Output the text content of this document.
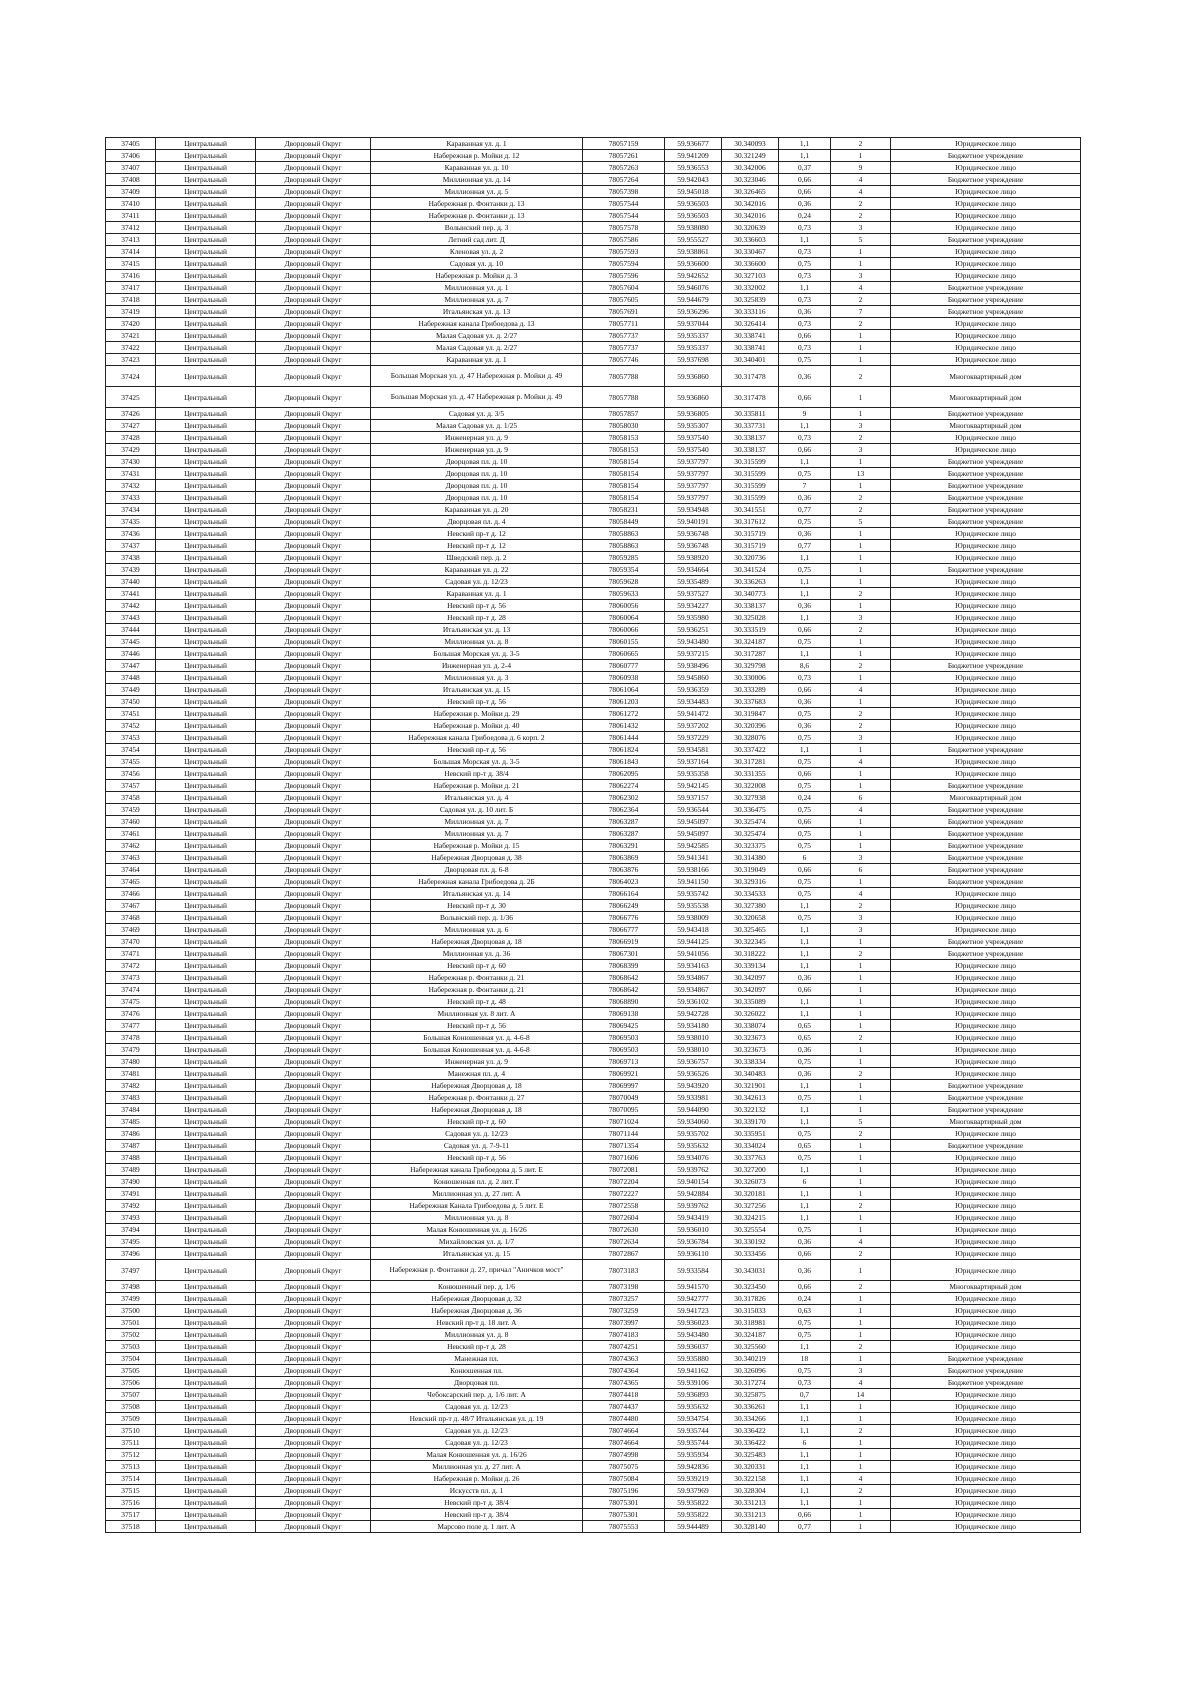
37405	Центральный	Дворцовый Округ	Караванная ул. д. 1	78057159	59.936677	30.340093	1,1	2	Юридическое лицо
37406	Центральный	Дворцовый Округ	Набережная р. Мойки д. 12	78057261	59.941209	30.321249	1,1	1	Бюджетное учреждение
37407	Центральный	Дворцовый Округ	Караванная ул. д. 10	78057263	59.936553	30.342006	0,37	9	Юридическое лицо
37408	Центральный	Дворцовый Округ	Миллионная ул. д. 14	78057264	59.942043	30.323046	0,66	4	Бюджетное учреждение
37409	Центральный	Дворцовый Округ	Миллионная ул. д. 5	78057398	59.945018	30.326465	0,66	4	Юридическое лицо
37410	Центральный	Дворцовый Округ	Набережная р. Фонтанки д. 13	78057544	59.936503	30.342016	0,36	2	Юридическое лицо
37411	Центральный	Дворцовый Округ	Набережная р. Фонтанки д. 13	78057544	59.936503	30.342016	0,24	2	Юридическое лицо
37412	Центральный	Дворцовый Округ	Волынский пер. д. 3	78057578	59.938080	30.320639	0,73	3	Юридическое лицо
37413	Центральный	Дворцовый Округ	Летний сад лит. Д	78057586	59.955527	30.336603	1,1	5	Бюджетное учреждение
37414	Центральный	Дворцовый Округ	Кленовая ул. д. 2	78057593	59.938861	30.330467	0,73	1	Юридическое лицо
37415	Центральный	Дворцовый Округ	Садовая ул. д. 10	78057594	59.936600	30.336600	0,75	1	Юридическое лицо
37416	Центральный	Дворцовый Округ	Набережная р. Мойки д. 3	78057596	59.942652	30.327103	0,73	3	Юридическое лицо
37417	Центральный	Дворцовый Округ	Миллионная ул. д. 1	78057604	59.946076	30.332002	1,1	4	Бюджетное учреждение
37418	Центральный	Дворцовый Округ	Миллионная ул. д. 7	78057605	59.944679	30.325839	0,73	2	Бюджетное учреждение
37419	Центральный	Дворцовый Округ	Итальянская ул. д. 13	78057691	59.936296	30.333116	0,36	7	Бюджетное учреждение
37420	Центральный	Дворцовый Округ	Набережная канала Грибоедова д. 13	78057711	59.937044	30.326414	0,73	2	Юридическое лицо
37421	Центральный	Дворцовый Округ	Малая Садовая ул. д. 2/27	78057737	59.935337	30.338741	0,66	1	Юридическое лицо
37422	Центральный	Дворцовый Округ	Малая Садовая ул. д. 2/27	78057737	59.935337	30.338741	0,73	1	Юридическое лицо
37423	Центральный	Дворцовый Округ	Караванная ул. д. 1	78057746	59.937698	30.340401	0,75	1	Юридическое лицо
37424	Центральный	Дворцовый Округ	Большая Морская ул. д. 47 Набережная р. Мойки д. 49	78057788	59.936860	30.317478	0,36	2	Многоквартирный дом
37425	Центральный	Дворцовый Округ	Большая Морская ул. д. 47 Набережная р. Мойки д. 49	78057788	59.936860	30.317478	0,66	1	Многоквартирный дом
37426	Центральный	Дворцовый Округ	Садовая ул. д. 3/5	78057857	59.936805	30.335811	9	1	Бюджетное учреждение
37427	Центральный	Дворцовый Округ	Малая Садовая ул. д. 1/25	78058030	59.935307	30.337731	1,1	3	Многоквартирный дом
37428	Центральный	Дворцовый Округ	Инженерная ул. д. 9	78058153	59.937540	30.338137	0,73	2	Юридическое лицо
37429	Центральный	Дворцовый Округ	Инженерная ул. д. 9	78058153	59.937540	30.338137	0,66	3	Юридическое лицо
37430	Центральный	Дворцовый Округ	Дворцовая пл. д. 10	78058154	59.937797	30.315599	1,1	1	Бюджетное учреждение
37431	Центральный	Дворцовый Округ	Дворцовая пл. д. 10	78058154	59.937797	30.315599	0,75	13	Бюджетное учреждение
37432	Центральный	Дворцовый Округ	Дворцовая пл. д. 10	78058154	59.937797	30.315599	7	1	Бюджетное учреждение
37433	Центральный	Дворцовый Округ	Дворцовая пл. д. 10	78058154	59.937797	30.315599	0,36	2	Бюджетное учреждение
37434	Центральный	Дворцовый Округ	Караванная ул. д. 20	78058231	59.934948	30.341551	0,77	2	Бюджетное учреждение
37435	Центральный	Дворцовый Округ	Дворцовая пл. д. 4	78058449	59.940191	30.317612	0,75	5	Бюджетное учреждение
37436	Центральный	Дворцовый Округ	Невский пр-т д. 12	78058863	59.936748	30.315719	0,36	1	Юридическое лицо
37437	Центральный	Дворцовый Округ	Невский пр-т д. 12	78058863	59.936748	30.315719	0,77	1	Юридическое лицо
37438	Центральный	Дворцовый Округ	Шведский пер. д. 2	78059285	59.938920	30.320736	1,1	1	Юридическое лицо
37439	Центральный	Дворцовый Округ	Караванная ул. д. 22	78059354	59.934664	30.341524	0,75	1	Бюджетное учреждение
37440	Центральный	Дворцовый Округ	Садовая ул. д. 12/23	78059628	59.935489	30.336263	1,1	1	Юридическое лицо
37441	Центральный	Дворцовый Округ	Караванная ул. д. 1	78059633	59.937527	30.340773	1,1	2	Юридическое лицо
37442	Центральный	Дворцовый Округ	Невский пр-т д. 56	78060056	59.934227	30.338137	0,36	1	Юридическое лицо
37443	Центральный	Дворцовый Округ	Невский пр-т д. 28	78060064	59.935980	30.325028	1,1	3	Юридическое лицо
37444	Центральный	Дворцовый Округ	Итальянская ул. д. 13	78060066	59.936251	30.333519	0,66	2	Юридическое лицо
37445	Центральный	Дворцовый Округ	Миллионная ул. д. 8	78060155	59.943480	30.324187	0,75	1	Юридическое лицо
37446	Центральный	Дворцовый Округ	Большая Морская ул. д. 3-5	78060665	59.937215	30.317287	1,1	1	Юридическое лицо
37447	Центральный	Дворцовый Округ	Инженерная ул. д. 2-4	78060777	59.938496	30.329798	8,6	2	Бюджетное учреждение
37448	Центральный	Дворцовый Округ	Миллионная ул. д. 3	78060938	59.945860	30.330006	0,73	1	Юридическое лицо
37449	Центральный	Дворцовый Округ	Итальянская ул. д. 15	78061064	59.936359	30.333289	0,66	4	Юридическое лицо
37450	Центральный	Дворцовый Округ	Невский пр-т д. 56	78061203	59.934483	30.337683	0,36	1	Юридическое лицо
37451	Центральный	Дворцовый Округ	Набережная р. Мойки д. 29	78061272	59.941472	30.319847	0,75	2	Юридическое лицо
37452	Центральный	Дворцовый Округ	Набережная р. Мойки д. 40	78061432	59.937202	30.320396	0,36	2	Юридическое лицо
37453	Центральный	Дворцовый Округ	Набережная канала Грибоедова д. 6 корп. 2	78061444	59.937229	30.328076	0,75	3	Юридическое лицо
37454	Центральный	Дворцовый Округ	Невский пр-т д. 56	78061824	59.934581	30.337422	1,1	1	Бюджетное учреждение
37455	Центральный	Дворцовый Округ	Большая Морская ул. д. 3-5	78061843	59.937164	30.317281	0,75	4	Юридическое лицо
37456	Центральный	Дворцовый Округ	Невский пр-т д. 38/4	78062095	59.935358	30.331355	0,66	1	Юридическое лицо
37457	Центральный	Дворцовый Округ	Набережная р. Мойки д. 21	78062274	59.942145	30.322008	0,75	1	Бюджетное учреждение
37458	Центральный	Дворцовый Округ	Итальянская ул. д. 4	78062302	59.937157	30.327938	0,24	6	Многоквартирный дом
37459	Центральный	Дворцовый Округ	Садовая ул. д. 10 лит. Б	78062364	59.936544	30.336475	0,75	4	Бюджетное учреждение
37460	Центральный	Дворцовый Округ	Миллионная ул. д. 7	78063287	59.945097	30.325474	0,66	1	Бюджетное учреждение
37461	Центральный	Дворцовый Округ	Миллионная ул. д. 7	78063287	59.945097	30.325474	0,75	1	Бюджетное учреждение
37462	Центральный	Дворцовый Округ	Набережная р. Мойки д. 15	78063291	59.942585	30.323375	0,75	1	Бюджетное учреждение
37463	Центральный	Дворцовый Округ	Набережная Дворцовая д. 38	78063869	59.941341	30.314380	6	3	Бюджетное учреждение
37464	Центральный	Дворцовый Округ	Дворцовая пл. д. 6-8	78063876	59.938166	30.319049	0,66	6	Бюджетное учреждение
37465	Центральный	Дворцовый Округ	Набережная канала Грибоедова д. 2Б	78064023	59.941150	30.329316	0,75	1	Бюджетное учреждение
37466	Центральный	Дворцовый Округ	Итальянская ул. д. 14	78066164	59.935742	30.334533	0,75	4	Юридическое лицо
37467	Центральный	Дворцовый Округ	Невский пр-т д. 30	78066249	59.935538	30.327380	1,1	2	Юридическое лицо
37468	Центральный	Дворцовый Округ	Волынский пер. д. 1/36	78066776	59.938009	30.320658	0,75	3	Юридическое лицо
37469	Центральный	Дворцовый Округ	Миллионная ул. д. 6	78066777	59.943418	30.325465	1,1	3	Юридическое лицо
37470	Центральный	Дворцовый Округ	Набережная Дворцовая д. 18	78066919	59.944125	30.322345	1,1	1	Бюджетное учреждение
37471	Центральный	Дворцовый Округ	Миллионная ул. д. 36	78067301	59.941056	30.318222	1,1	2	Бюджетное учреждение
37472	Центральный	Дворцовый Округ	Невский пр-т д. 60	78068399	59.934163	30.339134	1,1	1	Юридическое лицо
37473	Центральный	Дворцовый Округ	Набережная р. Фонтанки д. 21	78068642	59.934867	30.342097	0,36	1	Юридическое лицо
37474	Центральный	Дворцовый Округ	Набережная р. Фонтанки д. 21	78068642	59.934867	30.342097	0,66	1	Юридическое лицо
37475	Центральный	Дворцовый Округ	Невский пр-т д. 48	78068890	59.936102	30.335089	1,1	1	Юридическое лицо
37476	Центральный	Дворцовый Округ	Миллионная ул. 8 лит. А	78069138	59.942728	30.326022	1,1	1	Юридическое лицо
37477	Центральный	Дворцовый Округ	Невский пр-т д. 56	78069425	59.934180	30.338074	0,65	1	Юридическое лицо
37478	Центральный	Дворцовый Округ	Большая Конюшенная ул. д. 4-6-8	78069503	59.938010	30.323673	0,65	2	Юридическое лицо
37479	Центральный	Дворцовый Округ	Большая Конюшенная ул. д. 4-6-8	78069503	59.938010	30.323673	0,36	1	Юридическое лицо
37480	Центральный	Дворцовый Округ	Инженерная ул. д. 9	78069713	59.936757	30.338334	0,75	1	Юридическое лицо
37481	Центральный	Дворцовый Округ	Манежная пл. д. 4	78069921	59.936526	30.340483	0,36	2	Юридическое лицо
37482	Центральный	Дворцовый Округ	Набережная Дворцовая д. 18	78069997	59.943920	30.321901	1,1	1	Бюджетное учреждение
37483	Центральный	Дворцовый Округ	Набережная р. Фонтанки д. 27	78070049	59.933981	30.342613	0,75	1	Бюджетное учреждение
37484	Центральный	Дворцовый Округ	Набережная Дворцовая д. 18	78070095	59.944090	30.322132	1,1	1	Бюджетное учреждение
37485	Центральный	Дворцовый Округ	Невский пр-т д. 60	78071024	59.934060	30.339170	1,1	5	Многоквартирный дом
37486	Центральный	Дворцовый Округ	Садовая ул. д. 12/23	78071144	59.935702	30.335951	0,75	2	Юридическое лицо
37487	Центральный	Дворцовый Округ	Садовая ул. д. 7-9-11	78071354	59.935632	30.334024	0,65	1	Бюджетное учреждение
37488	Центральный	Дворцовый Округ	Невский пр-т д. 56	78071606	59.934076	30.337763	0,75	1	Юридическое лицо
37489	Центральный	Дворцовый Округ	Набережная канала Грибоедова д. 5 лит. Е	78072081	59.939762	30.327200	1,1	1	Юридическое лицо
37490	Центральный	Дворцовый Округ	Конюшенная пл. д. 2 лит. Г	78072204	59.940154	30.326073	6	1	Юридическое лицо
37491	Центральный	Дворцовый Округ	Миллионная ул. д. 27 лит. А	78072227	59.942884	30.320181	1,1	1	Юридическое лицо
37492	Центральный	Дворцовый Округ	Набережная Канала Грибоедова д. 5 лит. Е	78072558	59.939762	30.327256	1,1	2	Юридическое лицо
37493	Центральный	Дворцовый Округ	Миллионная ул. д. 8	78072604	59.943419	30.324215	1,1	1	Юридическое лицо
37494	Центральный	Дворцовый Округ	Малая Конюшенная ул. д. 16/26	78072630	59.936010	30.325554	0,75	1	Юридическое лицо
37495	Центральный	Дворцовый Округ	Михайловская ул. д. 1/7	78072634	59.936784	30.330192	0,36	4	Юридическое лицо
37496	Центральный	Дворцовый Округ	Итальянская ул. д. 15	78072867	59.936110	30.333456	0,66	2	Юридическое лицо
37497	Центральный	Дворцовый Округ	Набережная р. Фонтанки д. 27, причал "Аничков мост"	78073183	59.933584	30.343031	0,36	1	Юридическое лицо
37498	Центральный	Дворцовый Округ	Конюшенный пер. д. 1/6	78073198	59.941570	30.323450	0,66	2	Многоквартирный дом
37499	Центральный	Дворцовый Округ	Набережная Дворцовая д. 32	78073257	59.942777	30.317826	0,24	1	Юридическое лицо
37500	Центральный	Дворцовый Округ	Набережная Дворцовая д. 36	78073259	59.941723	30.315033	0,63	1	Юридическое лицо
37501	Центральный	Дворцовый Округ	Невский пр-т д. 18 лит. А	78073997	59.936023	30.318981	0,75	1	Юридическое лицо
37502	Центральный	Дворцовый Округ	Миллионная ул. д. 8	78074183	59.943480	30.324187	0,75	1	Юридическое лицо
37503	Центральный	Дворцовый Округ	Невский пр-т д. 28	78074251	59.936037	30.325560	1,1	2	Юридическое лицо
37504	Центральный	Дворцовый Округ	Манежная пл.	78074363	59.935880	30.340219	18	1	Бюджетное учреждение
37505	Центральный	Дворцовый Округ	Конюшенная пл.	78074364	59.941162	30.326096	0,75	3	Бюджетное учреждение
37506	Центральный	Дворцовый Округ	Дворцовая пл.	78074365	59.939106	30.317274	0,73	4	Бюджетное учреждение
37507	Центральный	Дворцовый Округ	Чебоксарский пер. д. 1/6 лит. А	78074418	59.936893	30.325875	0,7	14	Юридическое лицо
37508	Центральный	Дворцовый Округ	Садовая ул. д. 12/23	78074437	59.935632	30.336261	1,1	1	Юридическое лицо
37509	Центральный	Дворцовый Округ	Невский пр-т д. 48/7 Итальянская ул. д. 19	78074480	59.934754	30.334266	1,1	1	Юридическое лицо
37510	Центральный	Дворцовый Округ	Садовая ул. д. 12/23	78074664	59.935744	30.336422	1,1	2	Юридическое лицо
37511	Центральный	Дворцовый Округ	Садовая ул. д. 12/23	78074664	59.935744	30.336422	6	1	Юридическое лицо
37512	Центральный	Дворцовый Округ	Малая Конюшенная ул. д. 16/26	78074998	59.935934	30.325483	1,1	1	Юридическое лицо
37513	Центральный	Дворцовый Округ	Миллионная ул. д. 27 лит. А	78075075	59.942836	30.320331	1,1	1	Юридическое лицо
37514	Центральный	Дворцовый Округ	Набережная р. Мойки д. 26	78075084	59.939219	30.322158	1,1	4	Юридическое лицо
37515	Центральный	Дворцовый Округ	Искусств пл. д. 1	78075196	59.937969	30.328304	1,1	2	Юридическое лицо
37516	Центральный	Дворцовый Округ	Невский пр-т д. 38/4	78075301	59.935822	30.331213	1,1	1	Юридическое лицо
37517	Центральный	Дворцовый Округ	Невский пр-т д. 38/4	78075301	59.935822	30.331213	0,66	1	Юридическое лицо
37518	Центральный	Дворцовый Округ	Марсово поле д. 1 лит. А	78075553	59.944489	30.328140	0,77	1	Юридическое лицо
